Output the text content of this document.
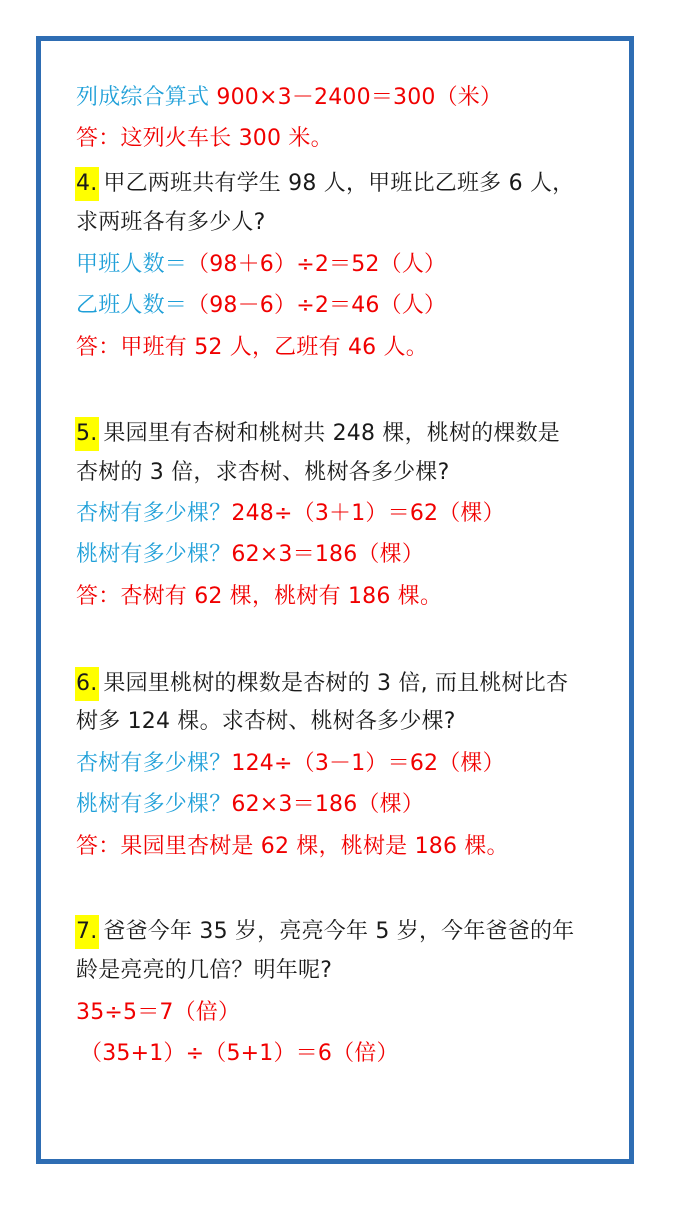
列成综合算式 900×3－2400＝300（米）
答：这列火车长 300 米。
4. 甲乙两班共有学生 98 人，甲班比乙班多 6 人，
求两班各有多少人?
甲班人数＝（98＋6）÷2＝52（人）
乙班人数＝（98－6）÷2＝46（人）
答：甲班有 52 人，乙班有 46 人。
5. 果园里有杏树和桃树共 248 棵，桃树的棵数是
杏树的 3 倍，求杏树、桃树各多少棵?
杏树有多少棵？248÷（3＋1）＝62（棵）
桃树有多少棵？62×3＝186（棵）
答：杏树有 62 棵，桃树有 186 棵。
6. 果园里桃树的棵数是杏树的 3 倍, 而且桃树比杏
树多 124 棵。求杏树、桃树各多少棵?
杏树有多少棵？124÷（3－1）＝62（棵）
桃树有多少棵？62×3＝186（棵）
答：果园里杏树是 62 棵，桃树是 186 棵。
7. 爸爸今年 35 岁，亮亮今年 5 岁，今年爸爸的年
龄是亮亮的几倍？明年呢?
35÷5＝7（倍）
（35+1）÷（5+1）＝6（倍）
